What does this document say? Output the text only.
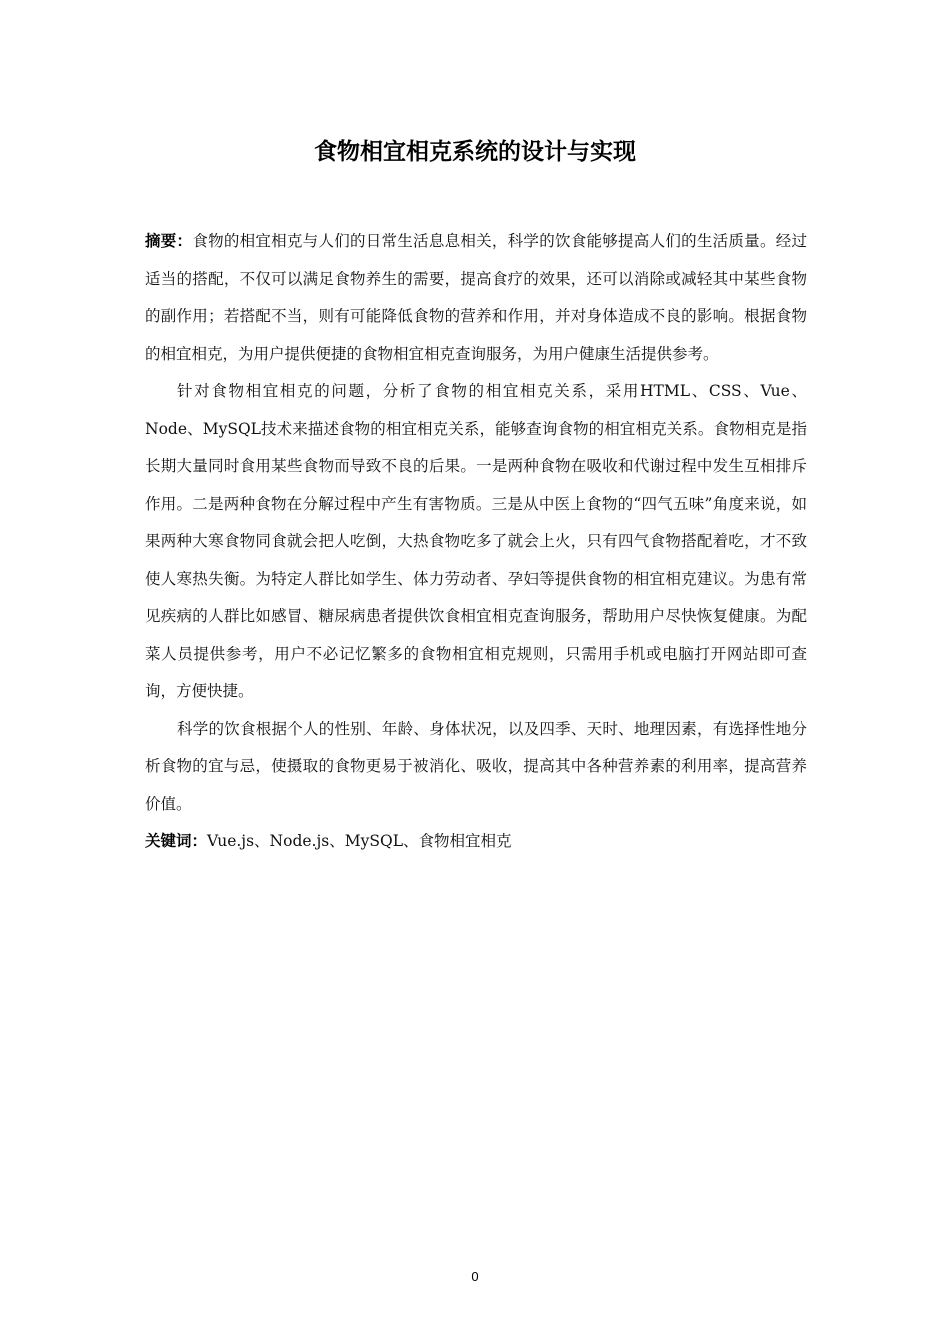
食物相宜相克系统的设计与实现

摘要：食物的相宜相克与人们的日常生活息息相关，科学的饮食能够提高人们的生活质量。经过适当的搭配，不仅可以满足食物养生的需要，提高食疗的效果，还可以消除或减轻其中某些食物的副作用；若搭配不当，则有可能降低食物的营养和作用，并对身体造成不良的影响。根据食物的相宜相克，为用户提供便捷的食物相宜相克查询服务，为用户健康生活提供参考。

针对食物相宜相克的问题，分析了食物的相宜相克关系，采用HTML、CSS、Vue、Node、MySQL技术来描述食物的相宜相克关系，能够查询食物的相宜相克关系。食物相克是指长期大量同时食用某些食物而导致不良的后果。一是两种食物在吸收和代谢过程中发生互相排斥作用。二是两种食物在分解过程中产生有害物质。三是从中医上食物的“四气五味”角度来说，如果两种大寒食物同食就会把人吃倒，大热食物吃多了就会上火，只有四气食物搭配着吃，才不致使人寒热失衡。为特定人群比如学生、体力劳动者、孕妇等提供食物的相宜相克建议。为患有常见疾病的人群比如感冒、糖尿病患者提供饮食相宜相克查询服务，帮助用户尽快恢复健康。为配菜人员提供参考，用户不必记忆繁多的食物相宜相克规则，只需用手机或电脑打开网站即可查询，方便快捷。

科学的饮食根据个人的性别、年龄、身体状况，以及四季、天时、地理因素，有选择性地分析食物的宜与忌，使摄取的食物更易于被消化、吸收，提高其中各种营养素的利用率，提高营养价值。

关键词：Vue.js、Node.js、MySQL、食物相宜相克

0
